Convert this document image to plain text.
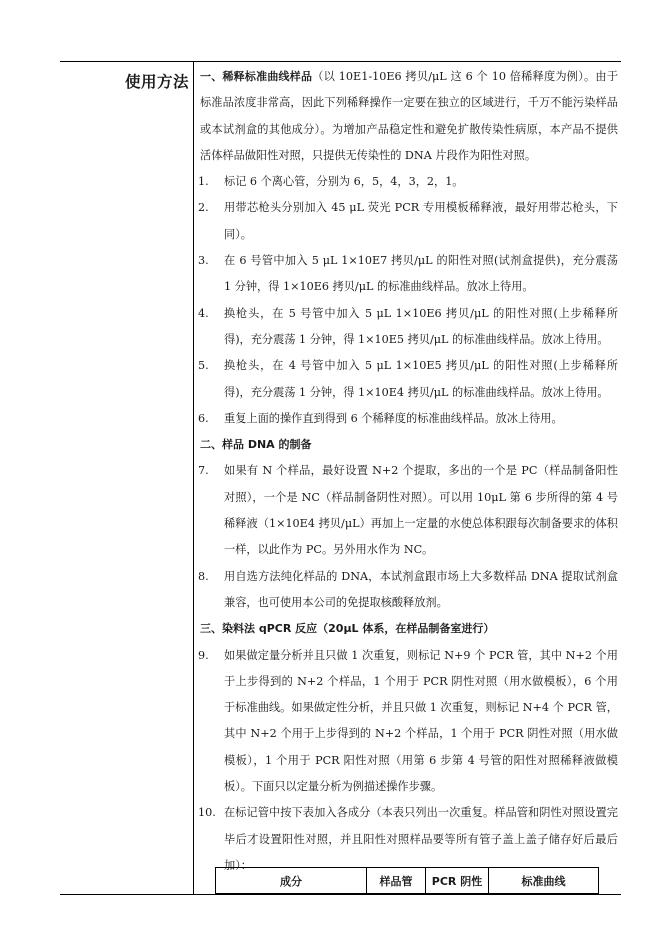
使用方法 一、稀释标准曲线样品（以 10E1-10E6 拷贝/μL 这 6 个 10 倍稀释度为例）。由于标准品浓度非常高，因此下列稀释操作一定要在独立的区域进行，千万不能污染样品或本试剂盒的其他成分）。为增加产品稳定性和避免扩散传染性病原，本产品不提供活体样品做阳性对照，只提供无传染性的 DNA 片段作为阳性对照。

1. 标记 6 个离心管，分别为 6，5，4，3，2，1。
2. 用带芯枪头分别加入 45 μL 荧光 PCR 专用模板稀释液，最好用带芯枪头，下同）。
3. 在 6 号管中加入 5 μL 1×10E7 拷贝/μL 的阳性对照(试剂盒提供)，充分震荡 1 分钟，得 1×10E6 拷贝/μL 的标准曲线样品。放冰上待用。
4. 换枪头，在 5 号管中加入 5 μL 1×10E6 拷贝/μL 的阳性对照(上步稀释所得)，充分震荡 1 分钟，得 1×10E5 拷贝/μL 的标准曲线样品。放冰上待用。
5. 换枪头，在 4 号管中加入 5 μL 1×10E5 拷贝/μL 的阳性对照(上步稀释所得)，充分震荡 1 分钟，得 1×10E4 拷贝/μL 的标准曲线样品。放冰上待用。
6. 重复上面的操作直到得到 6 个稀释度的标准曲线样品。放冰上待用。
二、样品 DNA 的制备
7. 如果有 N 个样品，最好设置 N+2 个提取，多出的一个是 PC（样品制备阳性对照），一个是 NC（样品制备阴性对照）。可以用 10μL 第 6 步所得的第 4 号稀释液（1×10E4 拷贝/μL）再加上一定量的水使总体积跟每次制备要求的体积一样，以此作为 PC。另外用水作为 NC。
8. 用自选方法纯化样品的 DNA，本试剂盒跟市场上大多数样品 DNA 提取试剂盒兼容，也可使用本公司的免提取核酸释放剂。
三、染料法 qPCR 反应（20μL 体系，在样品制备室进行）
9. 如果做定量分析并且只做 1 次重复，则标记 N+9 个 PCR 管，其中 N+2 个用于上步得到的 N+2 个样品，1 个用于 PCR 阴性对照（用水做模板），6 个用于标准曲线。如果做定性分析，并且只做 1 次重复，则标记 N+4 个 PCR 管，其中 N+2 个用于上步得到的 N+2 个样品，1 个用于 PCR 阴性对照（用水做模板），1 个用于 PCR 阳性对照（用第 6 步第 4 号管的阳性对照稀释液做模板）。下面只以定量分析为例描述操作步骤。
10. 在标记管中按下表加入各成分（本表只列出一次重复。样品管和阴性对照设置完毕后才设置阳性对照，并且阳性对照样品要等所有管子盖上盖子储存好后最后加）：
成分	样品管	PCR 阴性	标准曲线
